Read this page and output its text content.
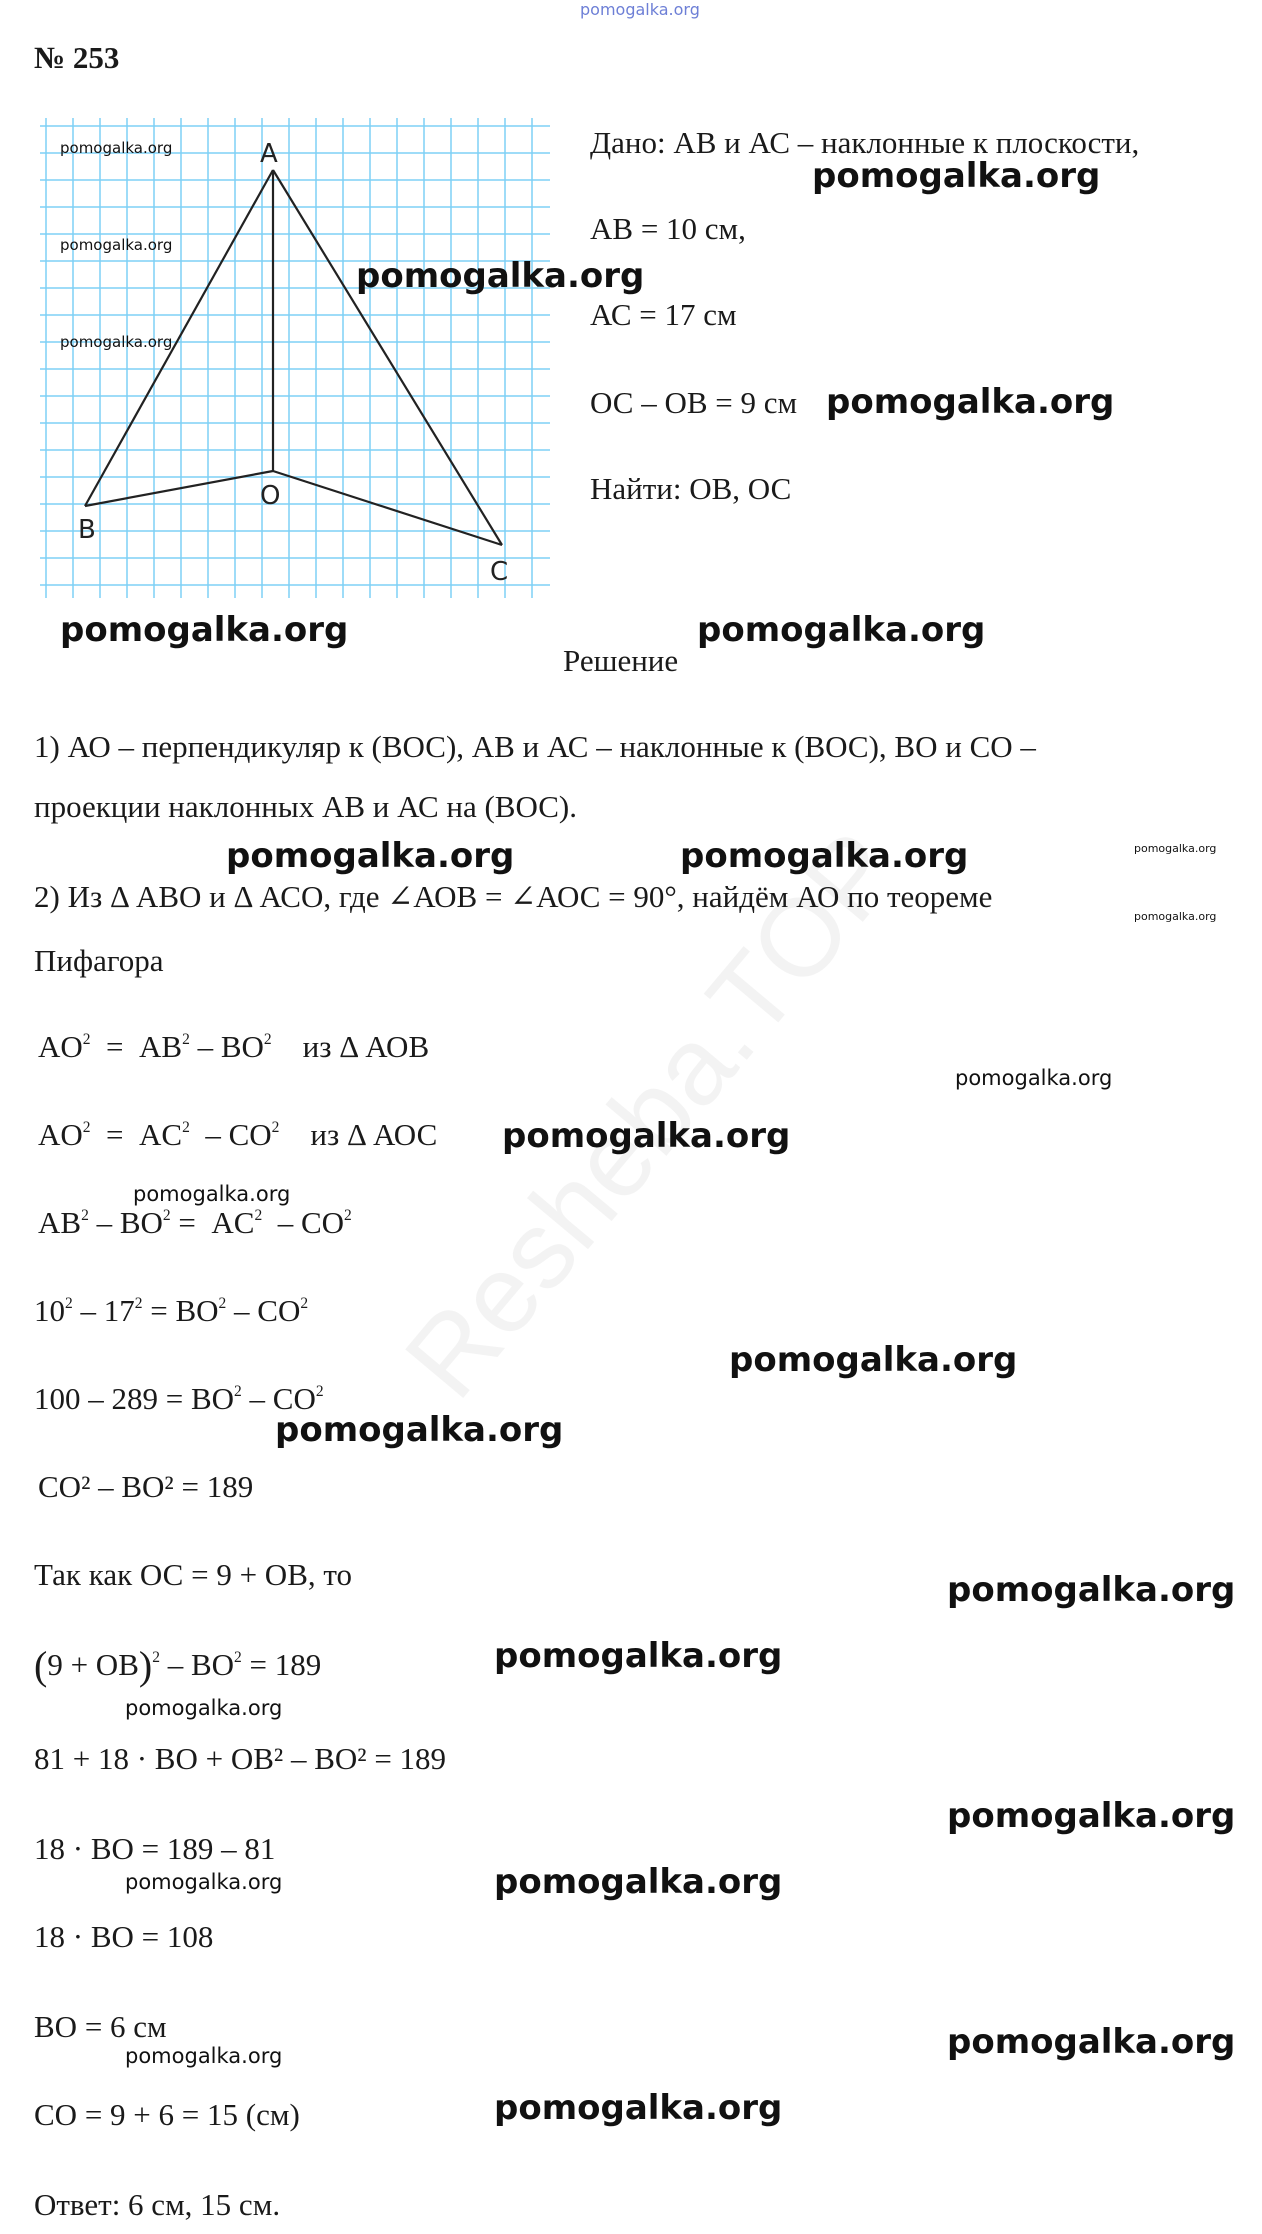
pomogalka.org
№ 253
A
B
C
O
pomogalka.org
pomogalka.org
pomogalka.org
Дано: АВ и АС – наклонные к плоскости,
АВ = 10 см,
АС = 17 см
ОС – ОВ = 9 см
Найти: ОВ, ОС
Решение
1) АО – перпендикуляр к (ВОС), АВ и АС – наклонные к (ВОС), ВО и СО –
проекции наклонных АВ и АС на (ВОС).
2) Из Δ АВО и Δ АСО, где ∠АОВ = ∠АОС = 90°, найдём АО по теореме
Пифагора
$AO^2 = AB^2 - BO^2$ из Δ АОВ
$AO^2 = AC^2 - CO^2$ из Δ АОС
$AB^2 - BO^2 = AC^2 - CO^2$
$10^2 - 17^2 = BO^2 - CO^2$
$100 - 289 = BO^2 - CO^2$
CO² – BO² = 189
Так как ОС = 9 + ОВ, то
$(9 + OB)^2 - BO^2 = 189$
81 + 18 · BO + OB² – BO² = 189
18 · BO = 189 – 81
18 · BO = 108
ВО = 6 см
СО = 9 + 6 = 15 (см)
Ответ: 6 см, 15 см.
pomogalka.org
pomogalka.org
pomogalka.org
pomogalka.org	pomogalka.org
pomogalka.org	pomogalka.org
pomogalka.org
pomogalka.org
pomogalka.org
pomogalka.org
pomogalka.org
pomogalka.org
pomogalka.org
pomogalka.org
pomogalka.org
pomogalka.org
pomogalka.org
pomogalka.org
pomogalka.org
pomogalka.org
pomogalka.org
pomogalka.org
